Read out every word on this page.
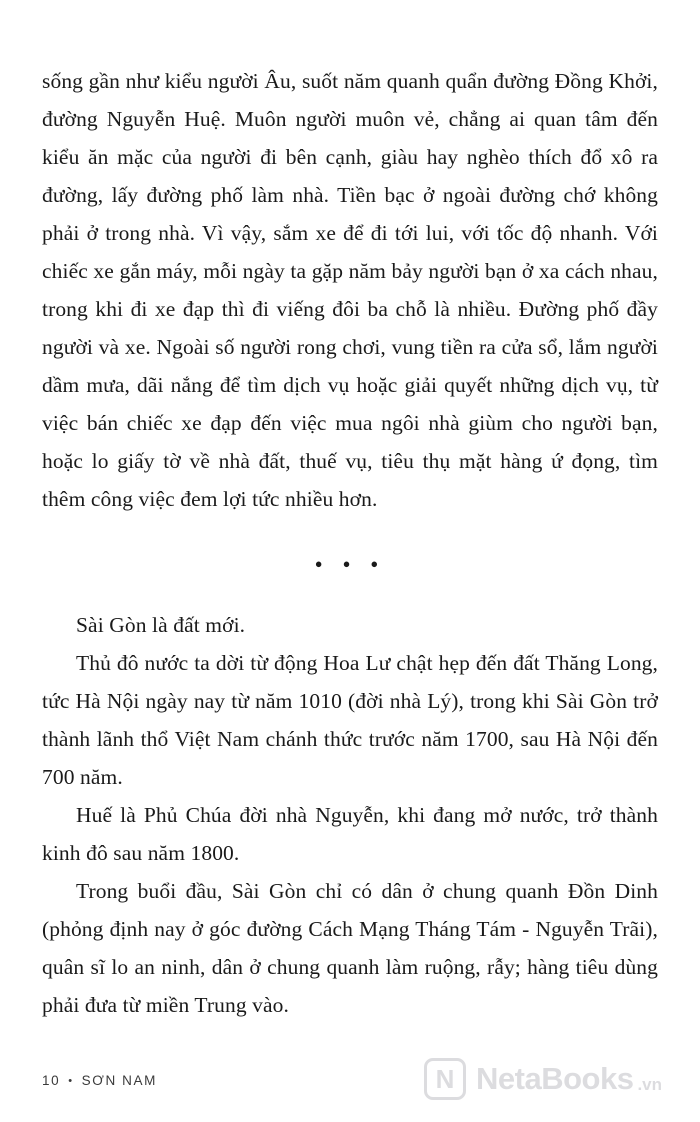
sống gần như kiểu người Âu, suốt năm quanh quẩn đường Đồng Khởi, đường Nguyễn Huệ. Muôn người muôn vẻ, chẳng ai quan tâm đến kiểu ăn mặc của người đi bên cạnh, giàu hay nghèo thích đổ xô ra đường, lấy đường phố làm nhà. Tiền bạc ở ngoài đường chớ không phải ở trong nhà. Vì vậy, sắm xe để đi tới lui, với tốc độ nhanh. Với chiếc xe gắn máy, mỗi ngày ta gặp năm bảy người bạn ở xa cách nhau, trong khi đi xe đạp thì đi viếng đôi ba chỗ là nhiều. Đường phố đầy người và xe. Ngoài số người rong chơi, vung tiền ra cửa sổ, lắm người dầm mưa, dãi nắng để tìm dịch vụ hoặc giải quyết những dịch vụ, từ việc bán chiếc xe đạp đến việc mua ngôi nhà giùm cho người bạn, hoặc lo giấy tờ về nhà đất, thuế vụ, tiêu thụ mặt hàng ứ đọng, tìm thêm công việc đem lợi tức nhiều hơn.

• • •

Sài Gòn là đất mới.

Thủ đô nước ta dời từ động Hoa Lư chật hẹp đến đất Thăng Long, tức Hà Nội ngày nay từ năm 1010 (đời nhà Lý), trong khi Sài Gòn trở thành lãnh thổ Việt Nam chánh thức trước năm 1700, sau Hà Nội đến 700 năm.

Huế là Phủ Chúa đời nhà Nguyễn, khi đang mở nước, trở thành kinh đô sau năm 1800.

Trong buổi đầu, Sài Gòn chỉ có dân ở chung quanh Đồn Dinh (phỏng định nay ở góc đường Cách Mạng Tháng Tám - Nguyễn Trãi), quân sĩ lo an ninh, dân ở chung quanh làm ruộng, rẫy; hàng tiêu dùng phải đưa từ miền Trung vào.

10 • SƠN NAM N	NetaBooks .vn
